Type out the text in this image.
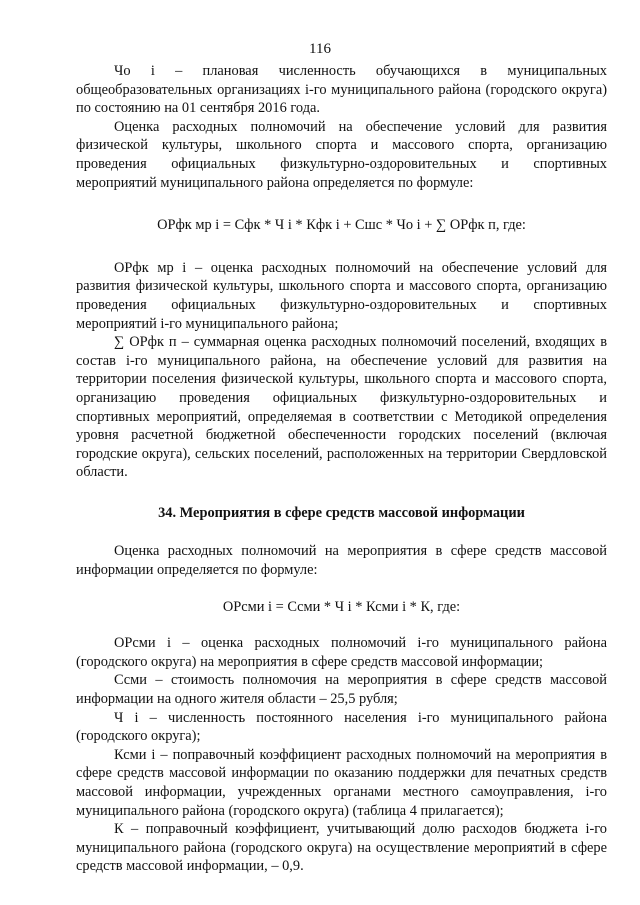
116

Чо i – плановая численность обучающихся в муниципальных общеобразовательных организациях i-го муниципального района (городского округа) по состоянию на 01 сентября 2016 года.

Оценка расходных полномочий на обеспечение условий для развития физической культуры, школьного спорта и массового спорта, организацию проведения официальных физкультурно-оздоровительных и спортивных мероприятий муниципального района определяется по формуле:

ОРфк мр i = Сфк * Ч i * Кфк i + Сшс * Чо i + ∑ ОРфк п, где:

ОРфк мр i – оценка расходных полномочий на обеспечение условий для развития физической культуры, школьного спорта и массового спорта, организацию проведения официальных физкультурно-оздоровительных и спортивных мероприятий i-го муниципального района;

∑ ОРфк п – суммарная оценка расходных полномочий поселений, входящих в состав i-го муниципального района, на обеспечение условий для развития на территории поселения физической культуры, школьного спорта и массового спорта, организацию проведения официальных физкультурно-оздоровительных и спортивных мероприятий, определяемая в соответствии с Методикой определения уровня расчетной бюджетной обеспеченности городских поселений (включая городские округа), сельских поселений, расположенных на территории Свердловской области.

34. Мероприятия в сфере средств массовой информации

Оценка расходных полномочий на мероприятия в сфере средств массовой информации определяется по формуле:

ОРсми i = Ссми * Ч i * Ксми i * К, где:

ОРсми i – оценка расходных полномочий i-го муниципального района (городского округа) на мероприятия в сфере средств массовой информации;

Ссми – стоимость полномочия на мероприятия в сфере средств массовой информации на одного жителя области – 25,5 рубля;

Ч i – численность постоянного населения i-го муниципального района (городского округа);

Ксми i – поправочный коэффициент расходных полномочий на мероприятия в сфере средств массовой информации по оказанию поддержки для печатных средств массовой информации, учрежденных органами местного самоуправления, i-го муниципального района (городского округа) (таблица 4 прилагается);

К – поправочный коэффициент, учитывающий долю расходов бюджета i-го муниципального района (городского округа) на осуществление мероприятий в сфере средств массовой информации, – 0,9.
